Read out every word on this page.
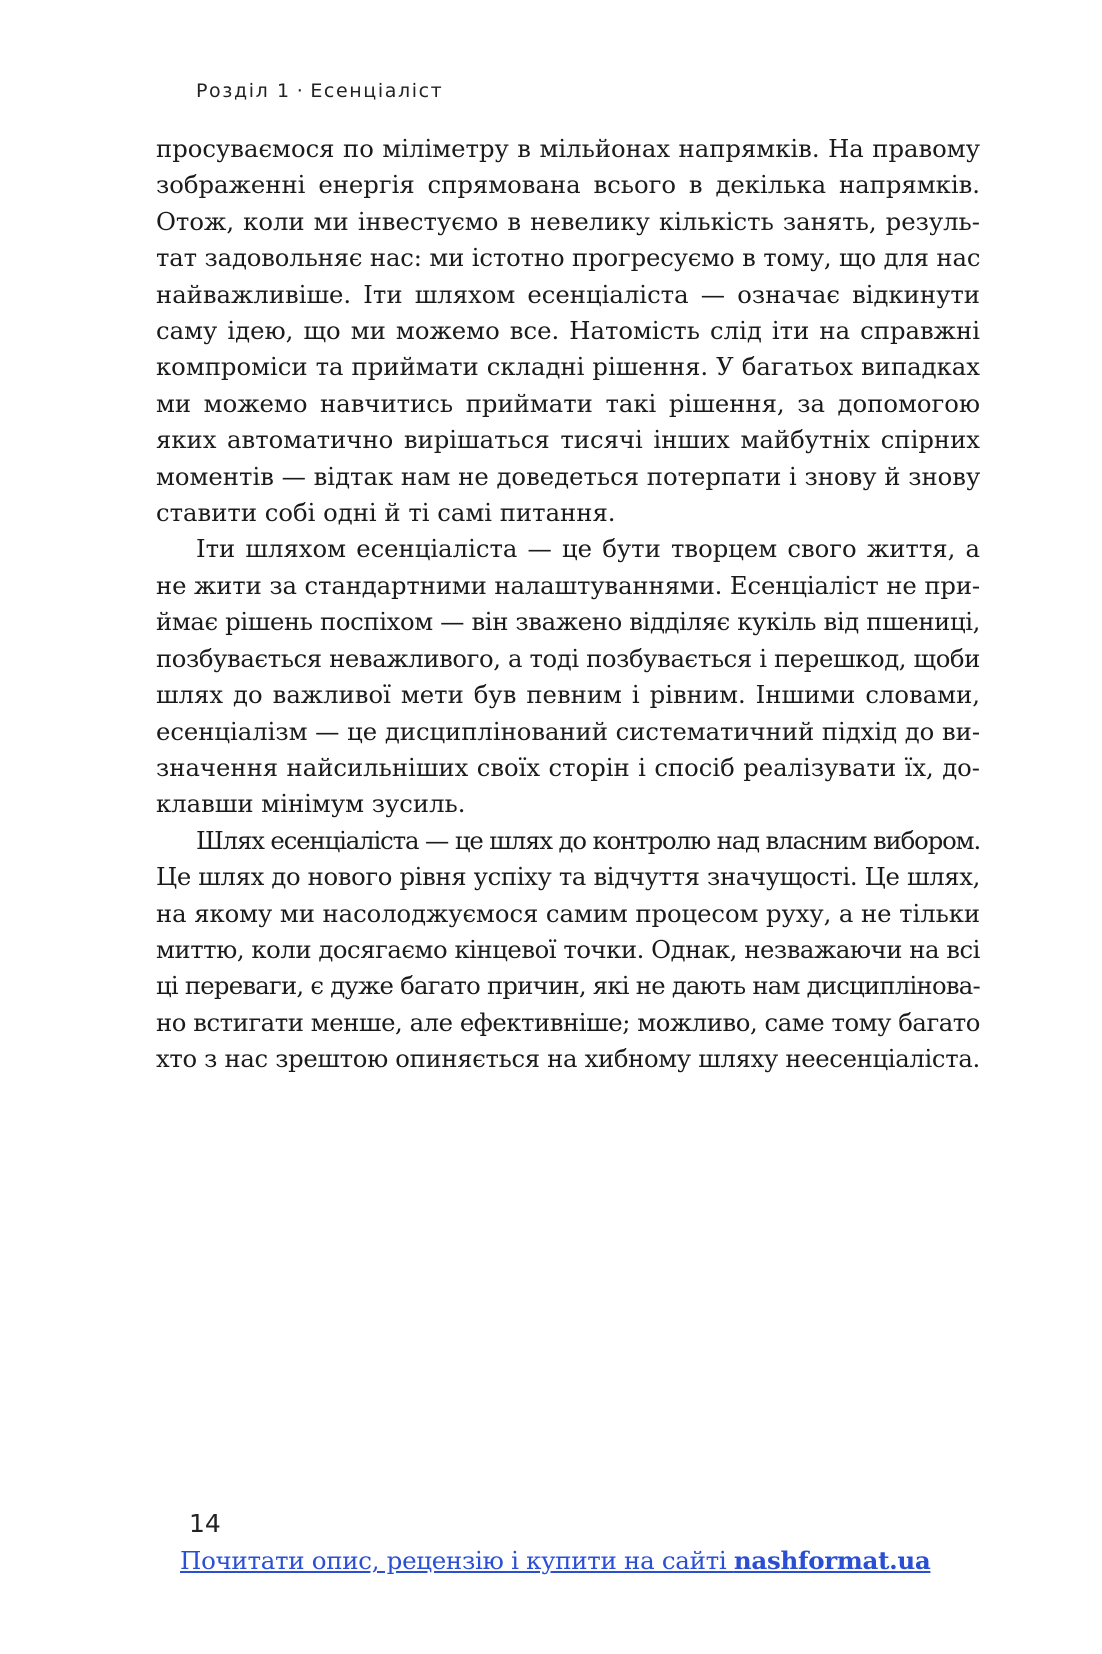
Розділ 1 · Есенціаліст

просуваємося по міліметру в мільйонах напрямків. На правому
зображенні енергія спрямована всього в декілька напрямків.
Отож, коли ми інвестуємо в невелику кількість занять, резуль-
тат задовольняє нас: ми істотно прогресуємо в тому, що для нас
найважливіше. Іти шляхом есенціаліста — означає відкинути
саму ідею, що ми можемо все. Натомість слід іти на справжні
компроміси та приймати складні рішення. У багатьох випадках
ми можемо навчитись приймати такі рішення, за допомогою
яких автоматично вирішаться тисячі інших майбутніх спірних
моментів — відтак нам не доведеться потерпати і знову й знову
ставити собі одні й ті самі питання.

Іти шляхом есенціаліста — це бути творцем свого життя, а
не жити за стандартними налаштуваннями. Есенціаліст не при-
ймає рішень поспіхом — він зважено відділяє кукіль від пшениці,
позбувається неважливого, а тоді позбувається і перешкод, щоби
шлях до важливої мети був певним і рівним. Іншими словами,
есенціалізм — це дисциплінований систематичний підхід до ви-
значення найсильніших своїх сторін і спосіб реалізувати їх, до-
клавши мінімум зусиль.

Шлях есенціаліста — це шлях до контролю над власним вибором.
Це шлях до нового рівня успіху та відчуття значущості. Це шлях,
на якому ми насолоджуємося самим процесом руху, а не тільки
миттю, коли досягаємо кінцевої точки. Однак, незважаючи на всі
ці переваги, є дуже багато причин, які не дають нам дисциплінова-
но встигати менше, але ефективніше; можливо, саме тому багато
хто з нас зрештою опиняється на хибному шляху неесенціаліста.

14
Почитати опис, рецензію і купити на сайті nashformat.ua
